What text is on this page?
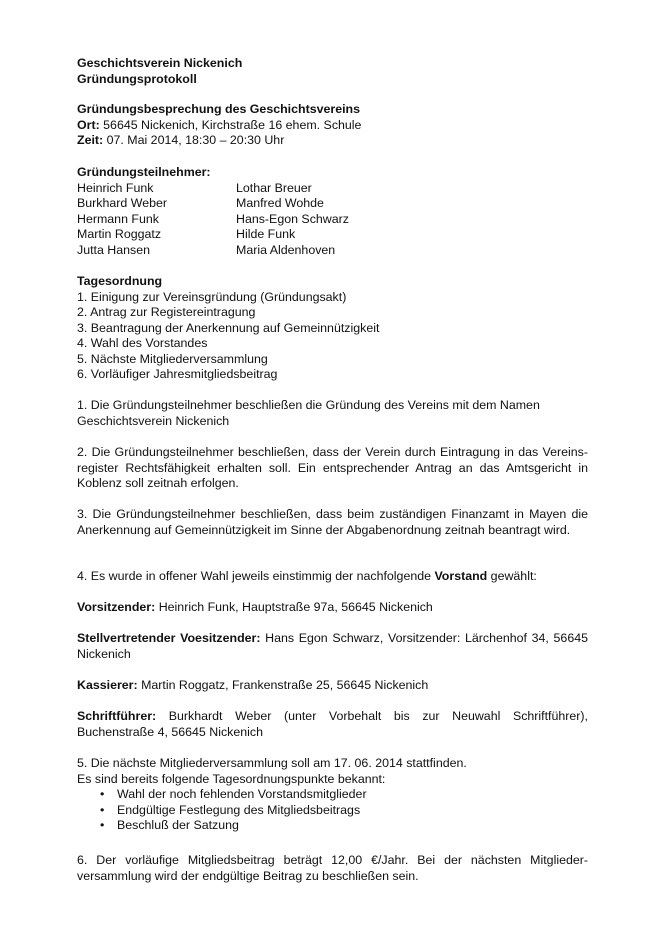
Geschichtsverein Nickenich

Gründungsprotokoll

Gründungsbesprechung des Geschichtsvereins

Ort: 56645 Nickenich, Kirchstraße 16 ehem. Schule

Zeit: 07. Mai 2014, 18:30 – 20:30 Uhr

Gründungsteilnehmer:

Heinrich Funk

Burkhard Weber

Hermann Funk

Martin Roggatz

Jutta Hansen

Lothar Breuer

Manfred Wohde

Hans-Egon Schwarz

Hilde Funk

Maria Aldenhoven

Tagesordnung

1. Einigung zur Vereinsgründung (Gründungsakt)

2. Antrag zur Registereintragung

3. Beantragung der Anerkennung auf Gemeinnützigkeit

4. Wahl des Vorstandes

5. Nächste Mitgliederversammlung

6. Vorläufiger Jahresmitgliedsbeitrag

1. Die Gründungsteilnehmer beschließen die Gründung des Vereins mit dem Namen Geschichtsverein Nickenich

2. Die Gründungsteilnehmer beschließen, dass der Verein durch Eintragung in das Vereins-register Rechtsfähigkeit erhalten soll. Ein entsprechender Antrag an das Amtsgericht in Koblenz soll zeitnah erfolgen.

3. Die Gründungsteilnehmer beschließen, dass beim zuständigen Finanzamt in Mayen die Anerkennung auf Gemeinnützigkeit im Sinne der Abgabenordnung zeitnah beantragt wird.

4. Es wurde in offener Wahl jeweils einstimmig der nachfolgende Vorstand gewählt:

Vorsitzender: Heinrich Funk, Hauptstraße 97a, 56645 Nickenich

Stellvertretender Voesitzender: Hans Egon Schwarz, Vorsitzender: Lärchenhof 34, 56645 Nickenich

Kassierer: Martin Roggatz, Frankenstraße 25, 56645 Nickenich

Schriftführer: Burkhardt Weber (unter Vorbehalt bis zur Neuwahl Schriftführer), Buchenstraße 4, 56645 Nickenich

5. Die nächste Mitgliederversammlung soll am 17. 06. 2014 stattfinden.

Es sind bereits folgende Tagesordnungspunkte bekannt:

• Wahl der noch fehlenden Vorstandsmitglieder
• Endgültige Festlegung des Mitgliedsbeitrags
• Beschluß der Satzung

6. Der vorläufige Mitgliedsbeitrag beträgt 12,00 €/Jahr. Bei der nächsten Mitglieder-versammlung wird der endgültige Beitrag zu beschließen sein.
